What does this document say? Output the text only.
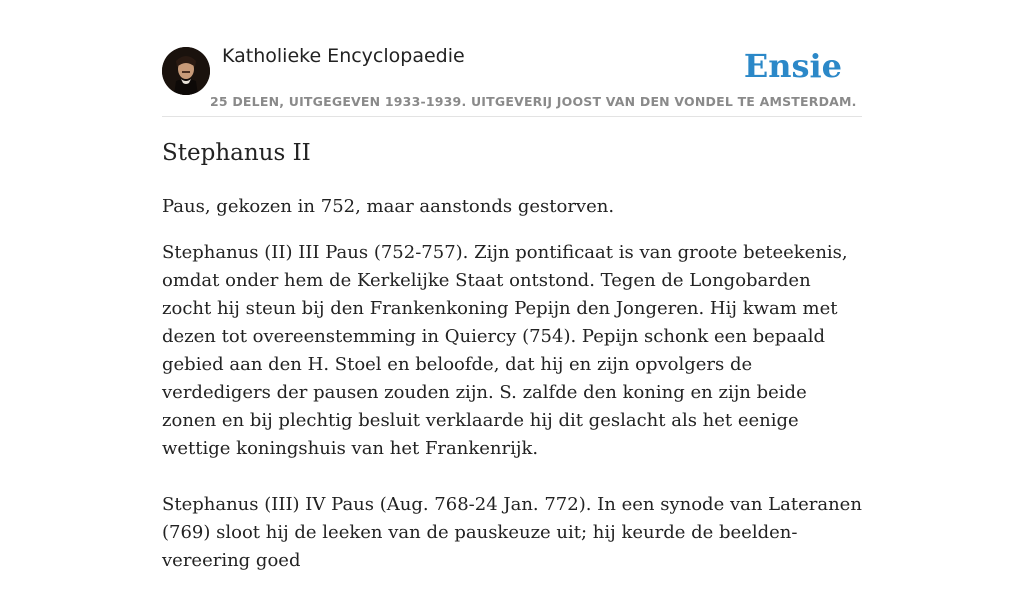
Katholieke Encyclopaedie
25 DELEN, UITGEGEVEN 1933-1939. UITGEVERIJ JOOST VAN DEN VONDEL TE AMSTERDAM.
Ensie
Stephanus II

Paus, gekozen in 752, maar aanstonds gestorven.

Stephanus (II) III Paus (752-757). Zijn pontificaat is van groote beteekenis, omdat onder hem de Kerkelijke Staat ontstond. Tegen de Longobarden zocht hij steun bij den Frankenkoning Pepijn den Jongeren. Hij kwam met dezen tot overeenstemming in Quiercy (754). Pepijn schonk een bepaald gebied aan den H. Stoel en beloofde, dat hij en zijn opvolgers de verdedigers der pausen zouden zijn. S. zalfde den koning en zijn beide zonen en bij plechtig besluit verklaarde hij dit geslacht als het eenige wettige koningshuis van het Frankenrijk.

Stephanus (III) IV Paus (Aug. 768-24 Jan. 772). In een synode van Lateranen (769) sloot hij de leeken van de pauskeuze uit; hij keurde de beelden-vereering goed
